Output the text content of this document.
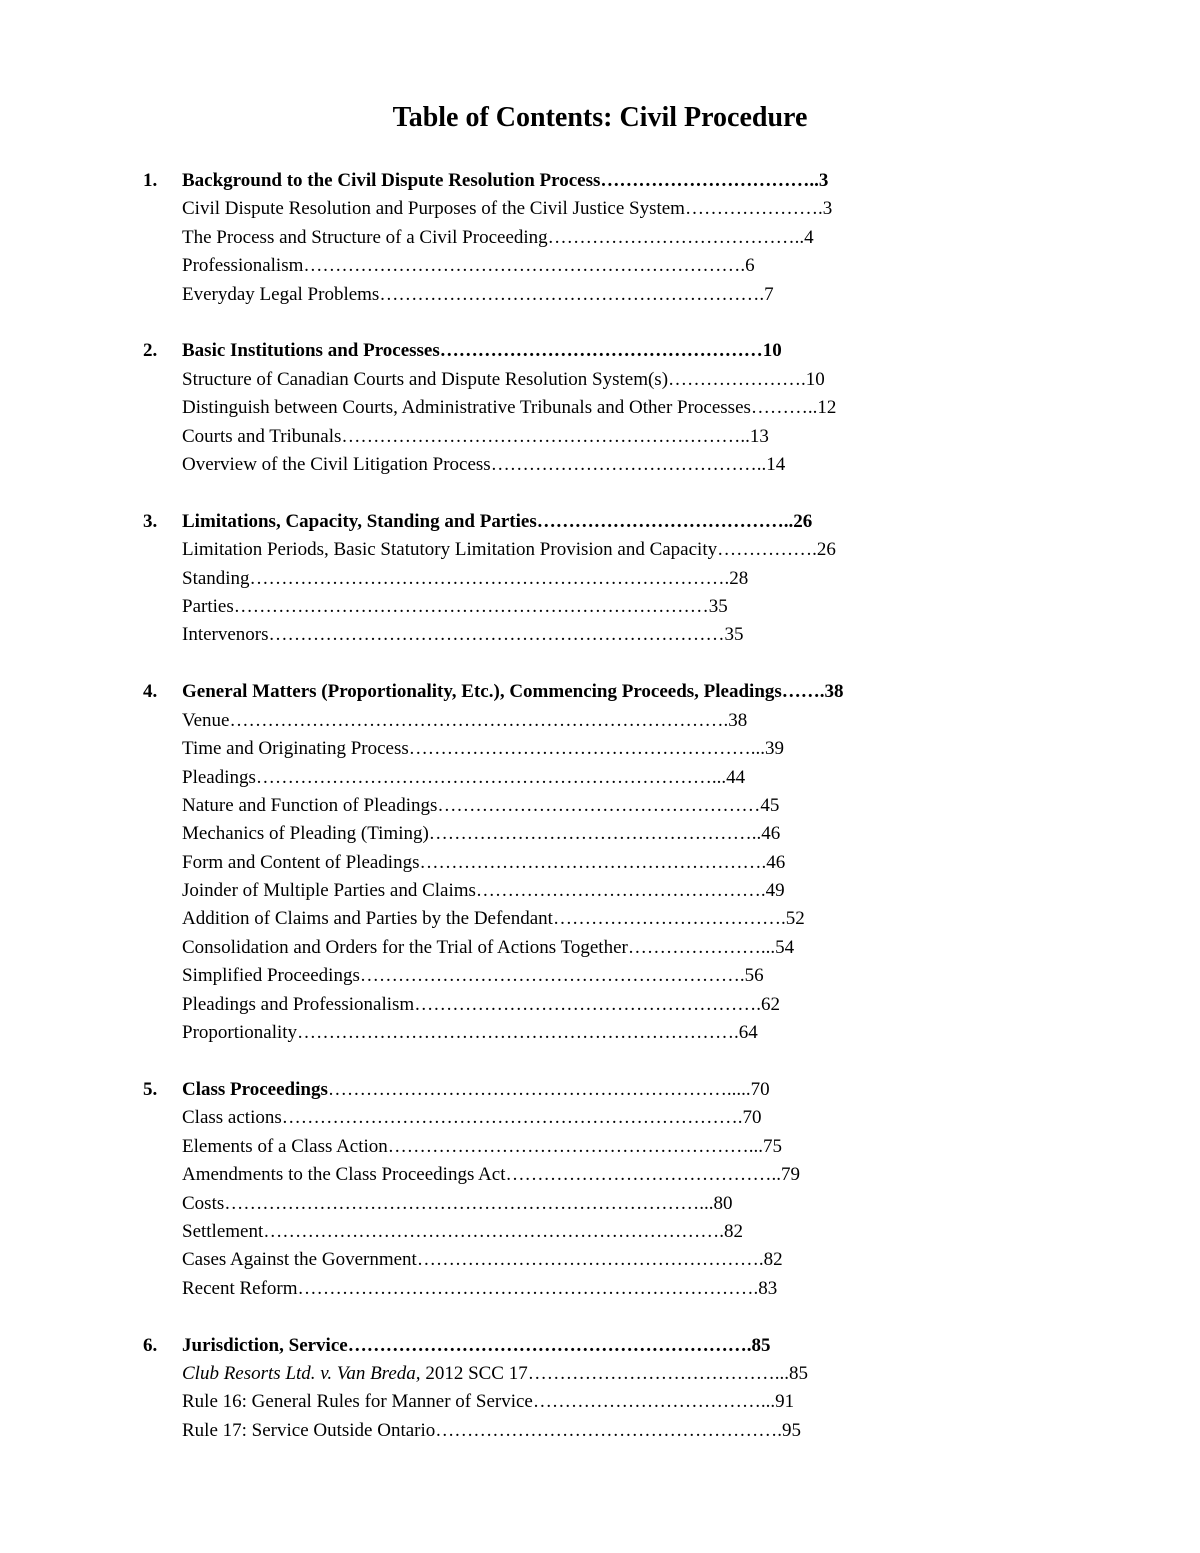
Table of Contents: Civil Procedure
1. Background to the Civil Dispute Resolution Process……………………………..3
Civil Dispute Resolution and Purposes of the Civil Justice System………………….3
The Process and Structure of a Civil Proceeding…………………………………..4
Professionalism…………………………………………………………….6
Everyday Legal Problems…………………………………………………….7
2. Basic Institutions and Processes……………………………………………10
Structure of Canadian Courts and Dispute Resolution System(s)………………….10
Distinguish between Courts, Administrative Tribunals and Other Processes………..12
Courts and Tribunals………………………………………………………..13
Overview of the Civil Litigation Process……………………………………..14
3. Limitations, Capacity, Standing and Parties…………………………………..26
Limitation Periods, Basic Statutory Limitation Provision and Capacity…………….26
Standing………………………………………………………………….28
Parties…………………………………………………………………35
Intervenors………………………………………………………………35
4. General Matters (Proportionality, Etc.), Commencing Proceeds, Pleadings…….38
Venue…………………………………………………………………….38
Time and Originating Process………………………………………………...39
Pleadings………………………………………………………………...44
Nature and Function of Pleadings……………………………………………45
Mechanics of Pleading (Timing)……………………………………………..46
Form and Content of Pleadings……………………………………………….46
Joinder of Multiple Parties and Claims……………………………………….49
Addition of Claims and Parties by the Defendant……………………………….52
Consolidation and Orders for the Trial of Actions Together…………………...54
Simplified Proceedings…………………………………………………….56
Pleadings and Professionalism……………………………………………….62
Proportionality…………………………………………………………….64
5. Class Proceedings……………………………………………………….....70
Class actions……………………………………………………………….70
Elements of a Class Action…………………………………………………...75
Amendments to the Class Proceedings Act……………………………………..79
Costs…………………………………………………………………...80
Settlement……………………………………………………………….82
Cases Against the Government……………………………………………….82
Recent Reform……………………………………………………………….83
6. Jurisdiction, Service……………………………………………………….85
Club Resorts Ltd. v. Van Breda, 2012 SCC 17…………………………………...85
Rule 16: General Rules for Manner of Service………………………………...91
Rule 17: Service Outside Ontario……………………………………………….95
